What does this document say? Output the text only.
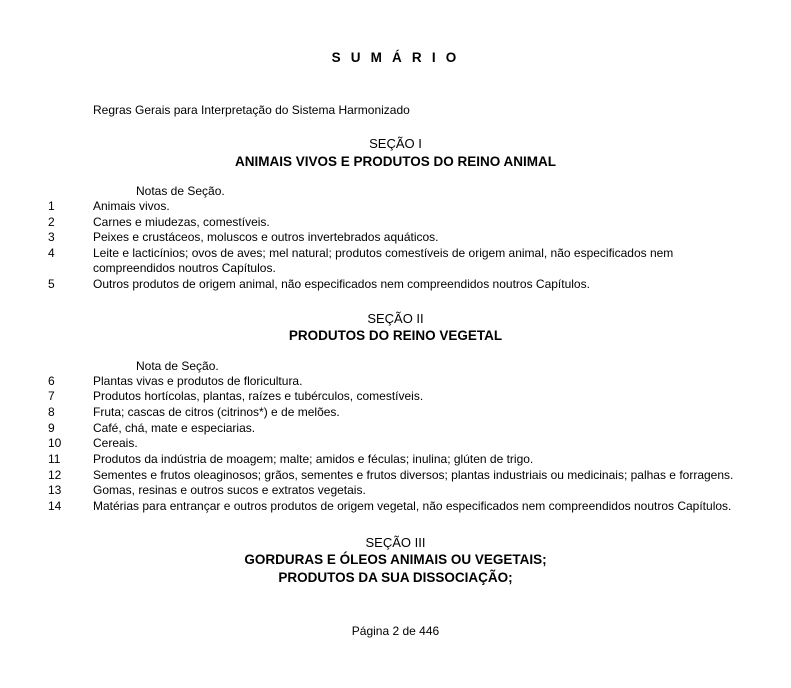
S U M Á R I O
Regras Gerais para Interpretação do Sistema Harmonizado
SEÇÃO I
ANIMAIS VIVOS E PRODUTOS DO REINO ANIMAL
Notas de Seção.
1	Animais vivos.
2	Carnes e miudezas, comestíveis.
3	Peixes e crustáceos, moluscos e outros invertebrados aquáticos.
4	Leite e lacticínios; ovos de aves; mel natural; produtos comestíveis de origem animal, não especificados nem compreendidos noutros Capítulos.
5	Outros produtos de origem animal, não especificados nem compreendidos noutros Capítulos.
SEÇÃO II
PRODUTOS DO REINO VEGETAL
Nota de Seção.
6	Plantas vivas e produtos de floricultura.
7	Produtos hortícolas, plantas, raízes e tubérculos, comestíveis.
8	Fruta; cascas de citros (citrinos*) e de melões.
9	Café, chá, mate e especiarias.
10	Cereais.
11	Produtos da indústria de moagem; malte; amidos e féculas; inulina; glúten de trigo.
12	Sementes e frutos oleaginosos; grãos, sementes e frutos diversos; plantas industriais ou medicinais; palhas e forragens.
13	Gomas, resinas e outros sucos e extratos vegetais.
14	Matérias para entrançar e outros produtos de origem vegetal, não especificados nem compreendidos noutros Capítulos.
SEÇÃO III
GORDURAS E ÓLEOS ANIMAIS OU VEGETAIS;
PRODUTOS DA SUA DISSOCIAÇÃO;
Página 2 de 446
